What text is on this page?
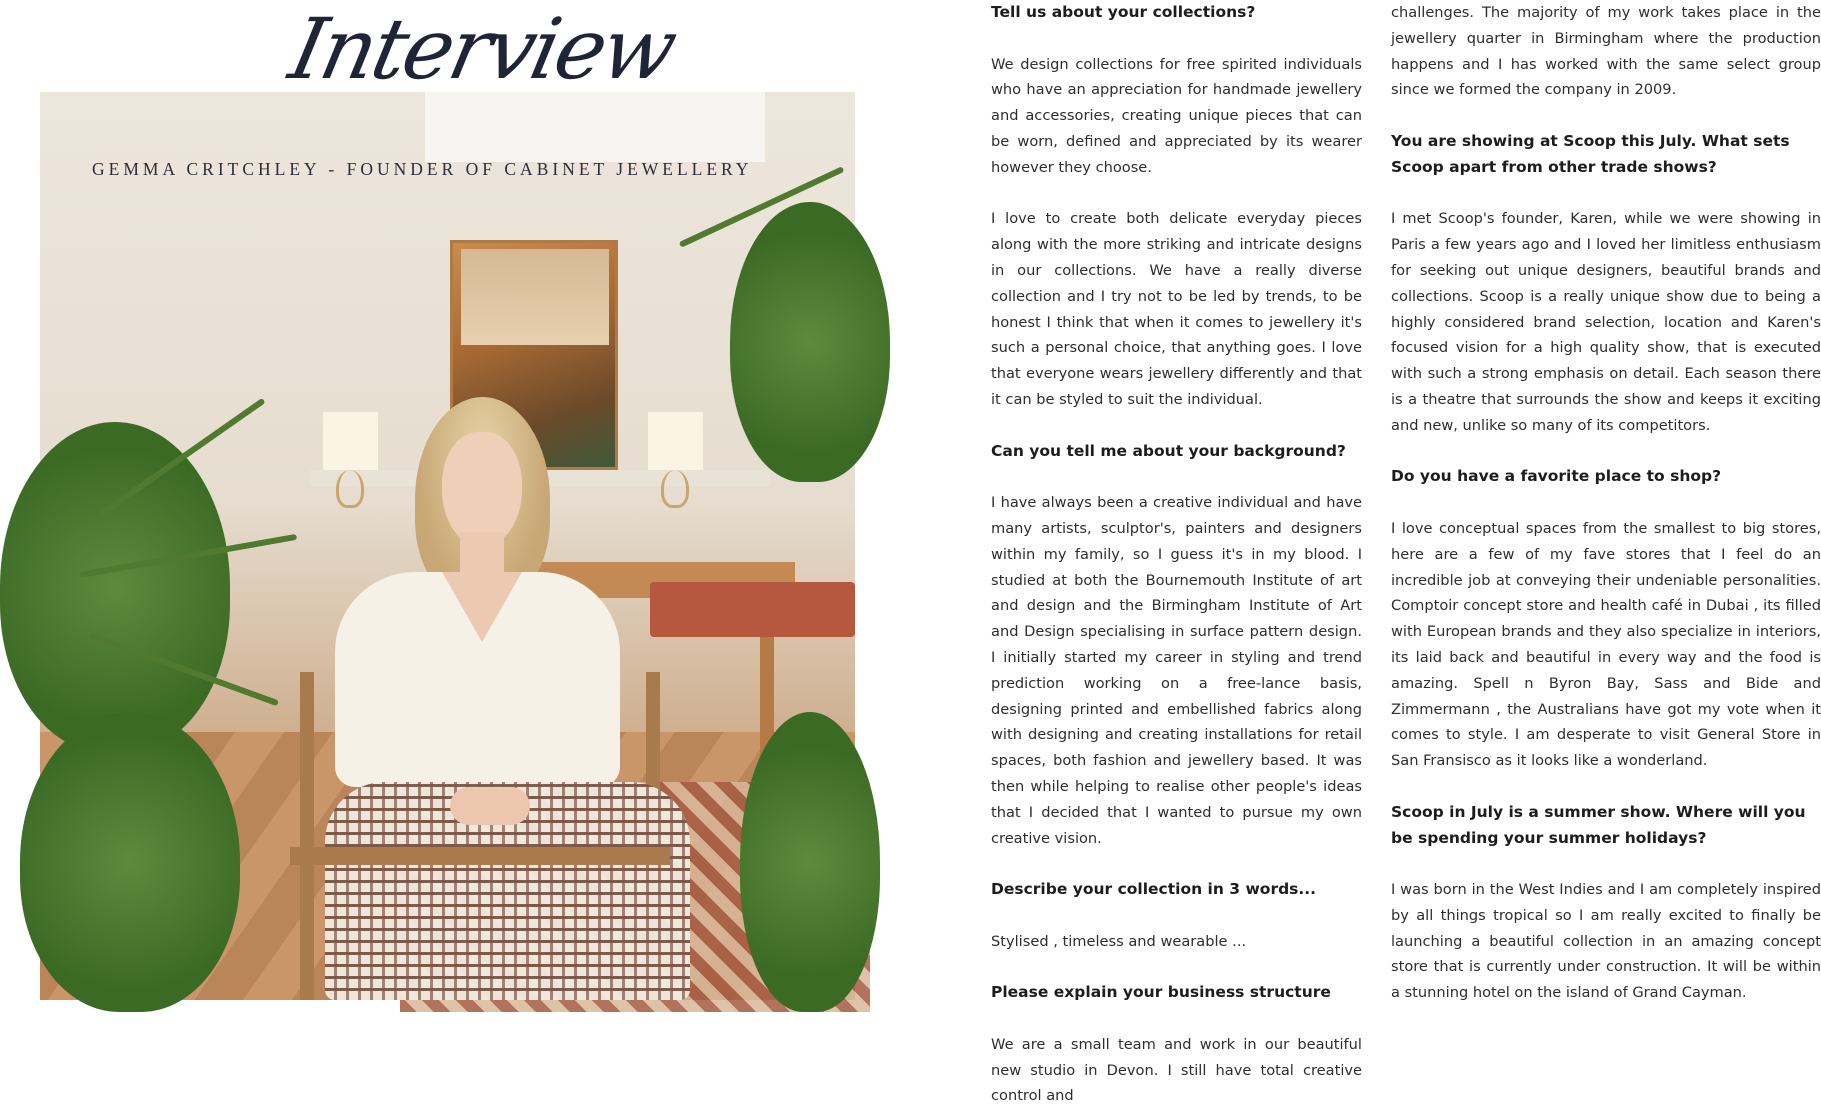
Interview
GEMMA CRITCHLEY - FOUNDER OF CABINET JEWELLERY
Tell us about your collections?

We design collections for free spirited individuals who have an appreciation for handmade jewellery and accessories, creating unique pieces that can be worn, defined and appreciated by its wearer however they choose.

I love to create both delicate everyday pieces along with the more striking and intricate designs in our collections. We have a really diverse collection and I try not to be led by trends, to be honest I think that when it comes to jewellery it's such a personal choice, that anything goes. I love that everyone wears jewellery differently and that it can be styled to suit the individual.

Can you tell me about your background?

I have always been a creative individual and have many artists, sculptor's, painters and designers within my family, so I guess it's in my blood. I studied at both the Bournemouth Institute of art and design and the Birmingham Institute of Art and Design specialising in surface pattern design. I initially started my career in styling and trend prediction working on a free-lance basis, designing printed and embellished fabrics along with designing and creating installations for retail spaces, both fashion and jewellery based. It was then while helping to realise other people's ideas that I decided that I wanted to pursue my own creative vision.

Describe your collection in 3 words...

Stylised , timeless and wearable ...

Please explain your business structure

We are a small team and work in our beautiful new studio in Devon. I still have total creative control and

challenges. The majority of my work takes place in the jewellery quarter in Birmingham where the production happens and I has worked with the same select group since we formed the company in 2009.

You are showing at Scoop this July. What sets Scoop apart from other trade shows?

I met Scoop's founder, Karen, while we were showing in Paris a few years ago and I loved her limitless enthusiasm for seeking out unique designers, beautiful brands and collections. Scoop is a really unique show due to being a highly considered brand selection, location and Karen's focused vision for a high quality show, that is executed with such a strong emphasis on detail. Each season there is a theatre that surrounds the show and keeps it exciting and new, unlike so many of its competitors.

Do you have a favorite place to shop?

I love conceptual spaces from the smallest to big stores, here are a few of my fave stores that I feel do an incredible job at conveying their undeniable personalities. Comptoir concept store and health café in Dubai , its filled with European brands and they also specialize in interiors, its laid back and beautiful in every way and the food is amazing. Spell n Byron Bay, Sass and Bide and Zimmermann , the Australians have got my vote when it comes to style. I am desperate to visit General Store in San Fransisco as it looks like a wonderland.

Scoop in July is a summer show. Where will you be spending your summer holidays?

I was born in the West Indies and I am completely inspired by all things tropical so I am really excited to finally be launching a beautiful collection in an amazing concept store that is currently under construction. It will be within a stunning hotel on the island of Grand Cayman.
